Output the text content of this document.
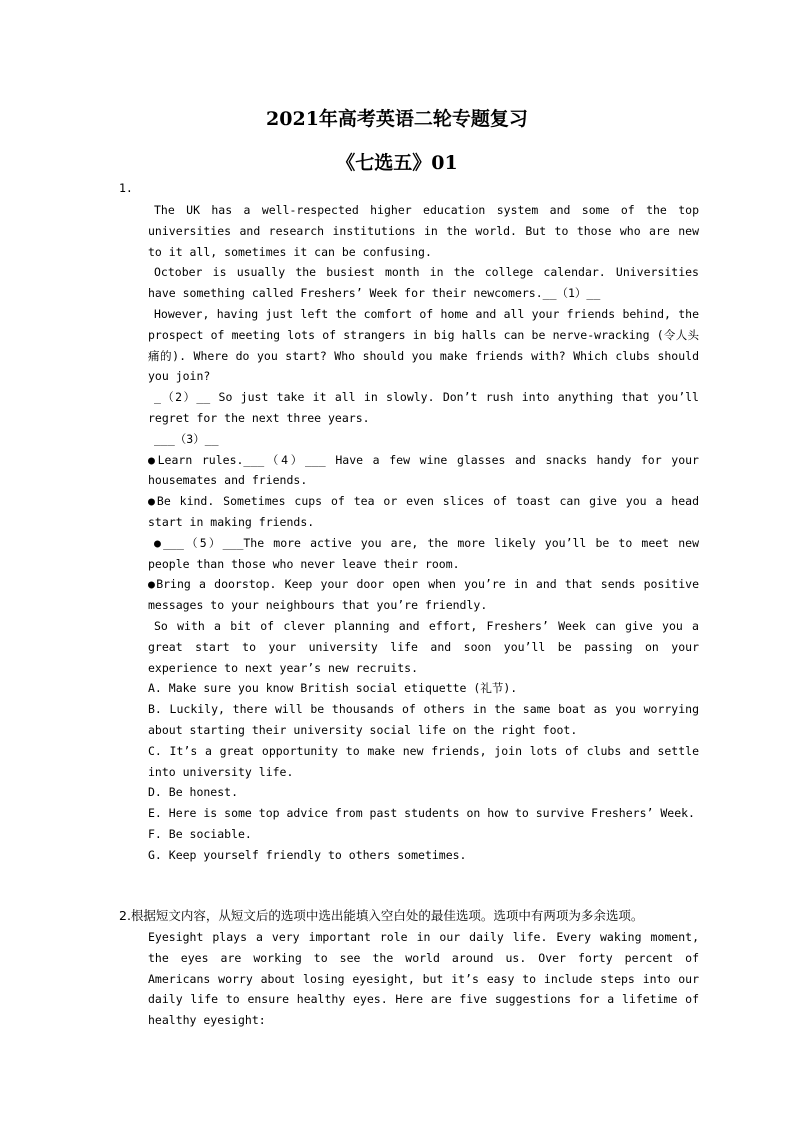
2021年高考英语二轮专题复习
《七选五》01
1.

The UK has a well-respected higher education system and some of the top universities and research institutions in the world. But to those who are new to it all, sometimes it can be confusing.

October is usually the busiest month in the college calendar. Universities have something called Freshers’ Week for their newcomers.__（1）__

However, having just left the comfort of home and all your friends behind, the prospect of meeting lots of strangers in big halls can be nerve-wracking (令人头痛的). Where do you start? Who should you make friends with? Which clubs should you join?

_（2）__ So just take it all in slowly. Don’t rush into anything that you’ll regret for the next three years.

___（3）__

●Learn rules.___（4）___ Have a few wine glasses and snacks handy for your housemates and friends.

●Be kind. Sometimes cups of tea or even slices of toast can give you a head start in making friends.

●___（5）___The more active you are, the more likely you’ll be to meet new people than those who never leave their room.

●Bring a doorstop. Keep your door open when you’re in and that sends positive messages to your neighbours that you’re friendly.

So with a bit of clever planning and effort, Freshers’ Week can give you a great start to your university life and soon you’ll be passing on your experience to next year’s new recruits.

A. Make sure you know British social etiquette (礼节).

B. Luckily, there will be thousands of others in the same boat as you worrying about starting their university social life on the right foot.

C. It’s a great opportunity to make new friends, join lots of clubs and settle into university life.

D. Be honest.

E. Here is some top advice from past students on how to survive Freshers’ Week.

F. Be sociable.

G. Keep yourself friendly to others sometimes.

2.根据短文内容，从短文后的选项中选出能填入空白处的最佳选项。选项中有两项为多余选项。

Eyesight plays a very important role in our daily life. Every waking moment, the eyes are working to see the world around us. Over forty percent of Americans worry about losing eyesight, but it’s easy to include steps into our daily life to ensure healthy eyes. Here are five suggestions for a lifetime of healthy eyesight:
